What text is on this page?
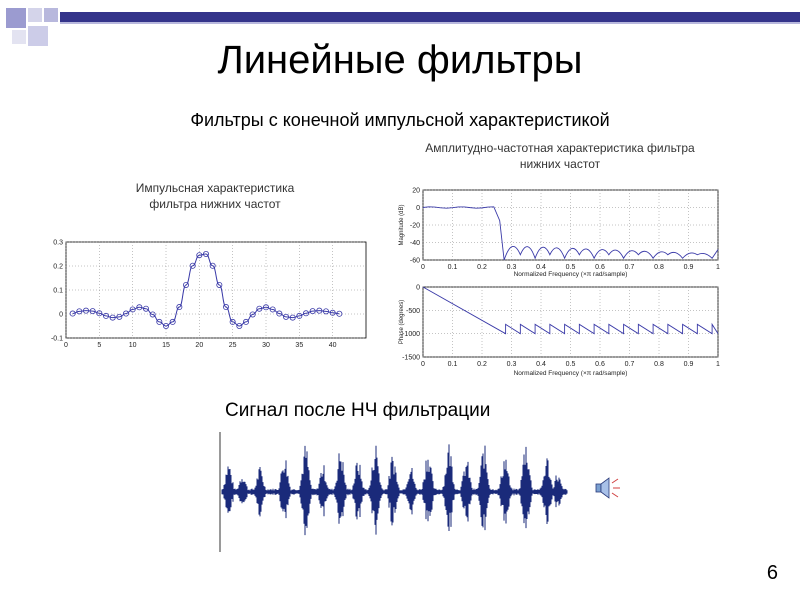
Линейные фильтры
Фильтры с конечной импульсной характеристикой
Импульсная характеристика
фильтра нижних частот
0	5	10	15	20	25	30	35	40
-0.1
0
0.1
0.2
0.3
Амплитудно-частотная характеристика фильтра
нижних частот
0	0.1	0.2	0.3	0.4	0.5	0.6	0.7	0.8	0.9	1
20
0
-20
-40
-60
Magnitude (dB)
Normalized Frequency (×π rad/sample)
0	0.1	0.2	0.3	0.4	0.5	0.6	0.7	0.8	0.9	1
0
-500
-1000
-1500
Phase (degrees)
Normalized Frequency (×π rad/sample)
Сигнал после НЧ фильтрации
6
